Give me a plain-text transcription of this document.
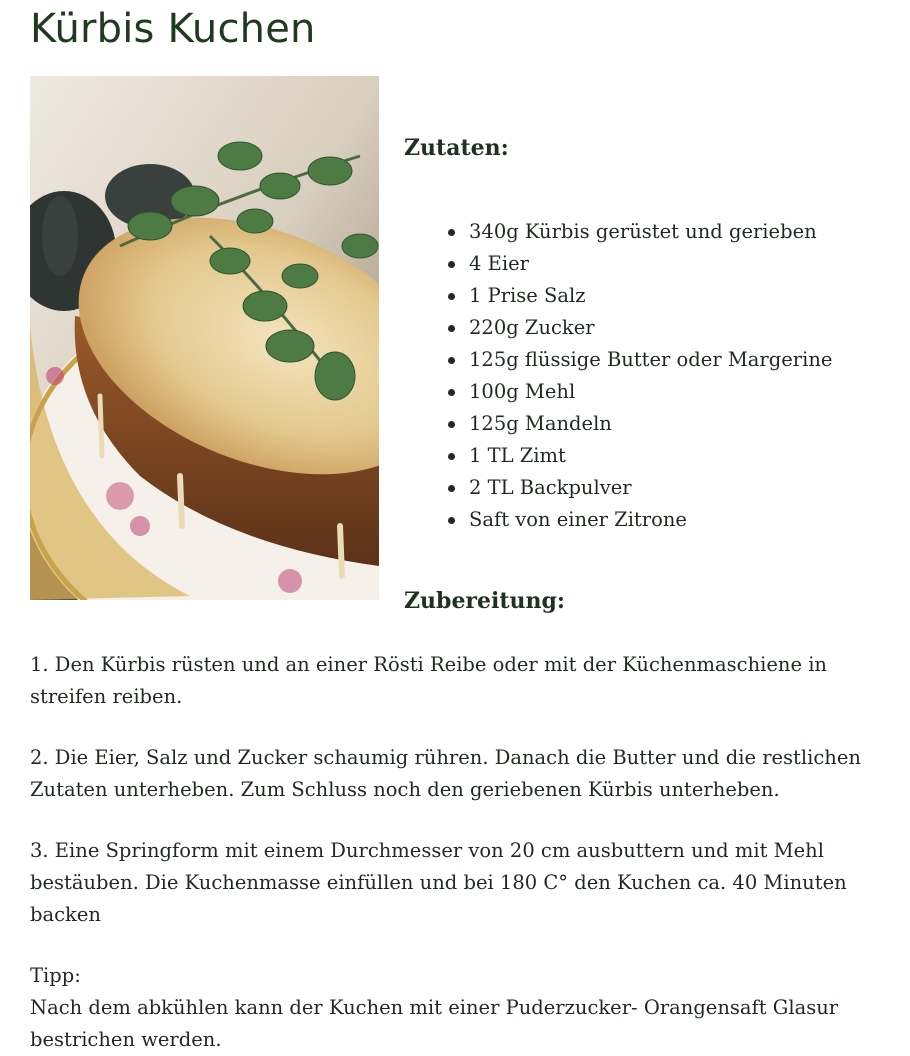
Kürbis Kuchen
Zutaten:
340g Kürbis gerüstet und gerieben
4 Eier
1 Prise Salz
220g Zucker
125g flüssige Butter oder Margerine
100g Mehl
125g Mandeln
1 TL Zimt
2 TL Backpulver
Saft von einer Zitrone
Zubereitung:

1. Den Kürbis rüsten und an einer Rösti Reibe oder mit der Küchenmaschiene in streifen reiben.

2. Die Eier, Salz und Zucker schaumig rühren. Danach die Butter und die restlichen Zutaten unterheben. Zum Schluss noch den geriebenen Kürbis unterheben.

3. Eine Springform mit einem Durchmesser von 20 cm ausbuttern und mit Mehl bestäuben. Die Kuchenmasse einfüllen und bei 180 C° den Kuchen ca. 40 Minuten backen

Tipp:

Nach dem abkühlen kann der Kuchen mit einer Puderzucker- Orangensaft Glasur bestrichen werden.
